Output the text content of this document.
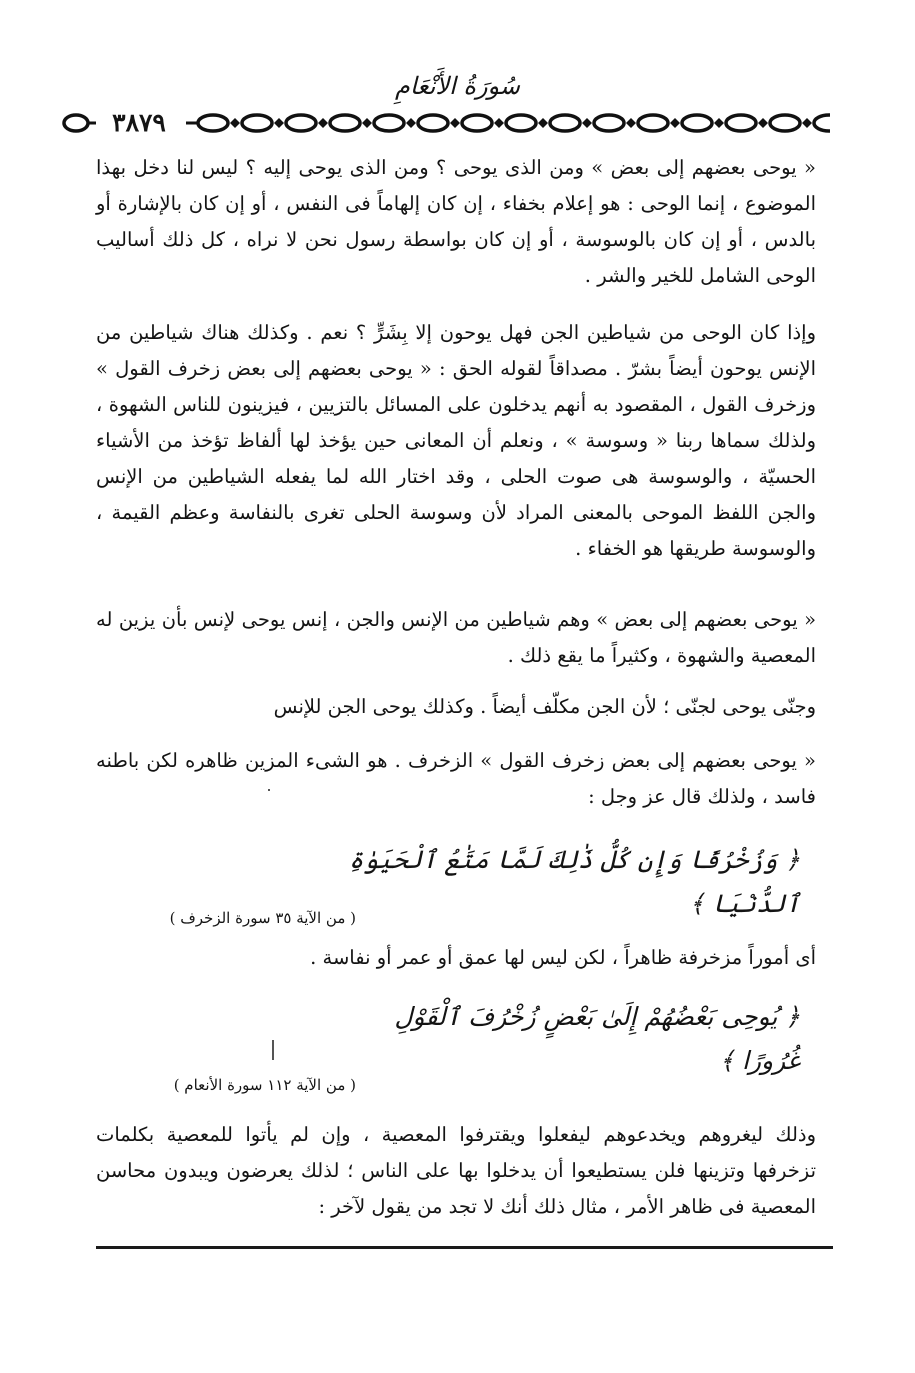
سُورَةُ الأَنْعَامِ
٣٨٧٩

« يوحى بعضهم إلى بعض » ومن الذى يوحى ؟ ومن الذى يوحى إليه ؟ ليس لنا دخل بهذا الموضوع ، إنما الوحى : هو إعلام بخفاء ، إن كان إلهاماً فى النفس ، أو إن كان بالإشارة أو بالدس ، أو إن كان بالوسوسة ، أو إن كان بواسطة رسول نحن لا نراه ، كل ذلك أساليب الوحى الشامل للخير والشر .

وإذا كان الوحى من شياطين الجن فهل يوحون إلا بِشَرٍّ ؟ نعم . وكذلك هناك شياطين من الإنس يوحون أيضاً بشرّ . مصداقاً لقوله الحق : « يوحى بعضهم إلى بعض زخرف القول » وزخرف القول ، المقصود به أنهم يدخلون على المسائل بالتزيين ، فيزينون للناس الشهوة ، ولذلك سماها ربنا « وسوسة » ، ونعلم أن المعانى حين يؤخذ لها ألفاظ تؤخذ من الأشياء الحسيّة ، والوسوسة هى صوت الحلى ، وقد اختار الله لما يفعله الشياطين من الإنس والجن اللفظ الموحى بالمعنى المراد لأن وسوسة الحلى تغرى بالنفاسة وعظم القيمة ، والوسوسة طريقها هو الخفاء .

« يوحى بعضهم إلى بعض » وهم شياطين من الإنس والجن ، إنس يوحى لإنس بأن يزين له المعصية والشهوة ، وكثيراً ما يقع ذلك .

وجنّى يوحى لجنّى ؛ لأن الجن مكلّف أيضاً . وكذلك يوحى الجن للإنس

« يوحى بعضهم إلى بعض زخرف القول » الزخرف . هو الشىء المزين ظاهره لكن باطنه فاسد ، ولذلك قال عز وجل :

﴿ وَزُخْرُفًا وَإِن كُلُّ ذَٰلِكَ لَمَّا مَتَٰعُ ٱلْحَيَوٰةِ ٱلدُّنْيَا ﴾
( من الآية ٣٥ سورة الزخرف )

أى أموراً مزخرفة ظاهراً ، لكن ليس لها عمق أو عمر أو نفاسة .

﴿ يُوحِى بَعْضُهُمْ إِلَىٰ بَعْضٍ زُخْرُفَ ٱلْقَوْلِ غُرُورًا ﴾
( من الآية ١١٢ سورة الأنعام )

وذلك ليغروهم ويخدعوهم ليفعلوا ويقترفوا المعصية ، وإن لم يأتوا للمعصية بكلمات تزخرفها وتزينها فلن يستطيعوا أن يدخلوا بها على الناس ؛ لذلك يعرضون ويبدون محاسن المعصية فى ظاهر الأمر ، مثال ذلك أنك لا تجد من يقول لآخر :
